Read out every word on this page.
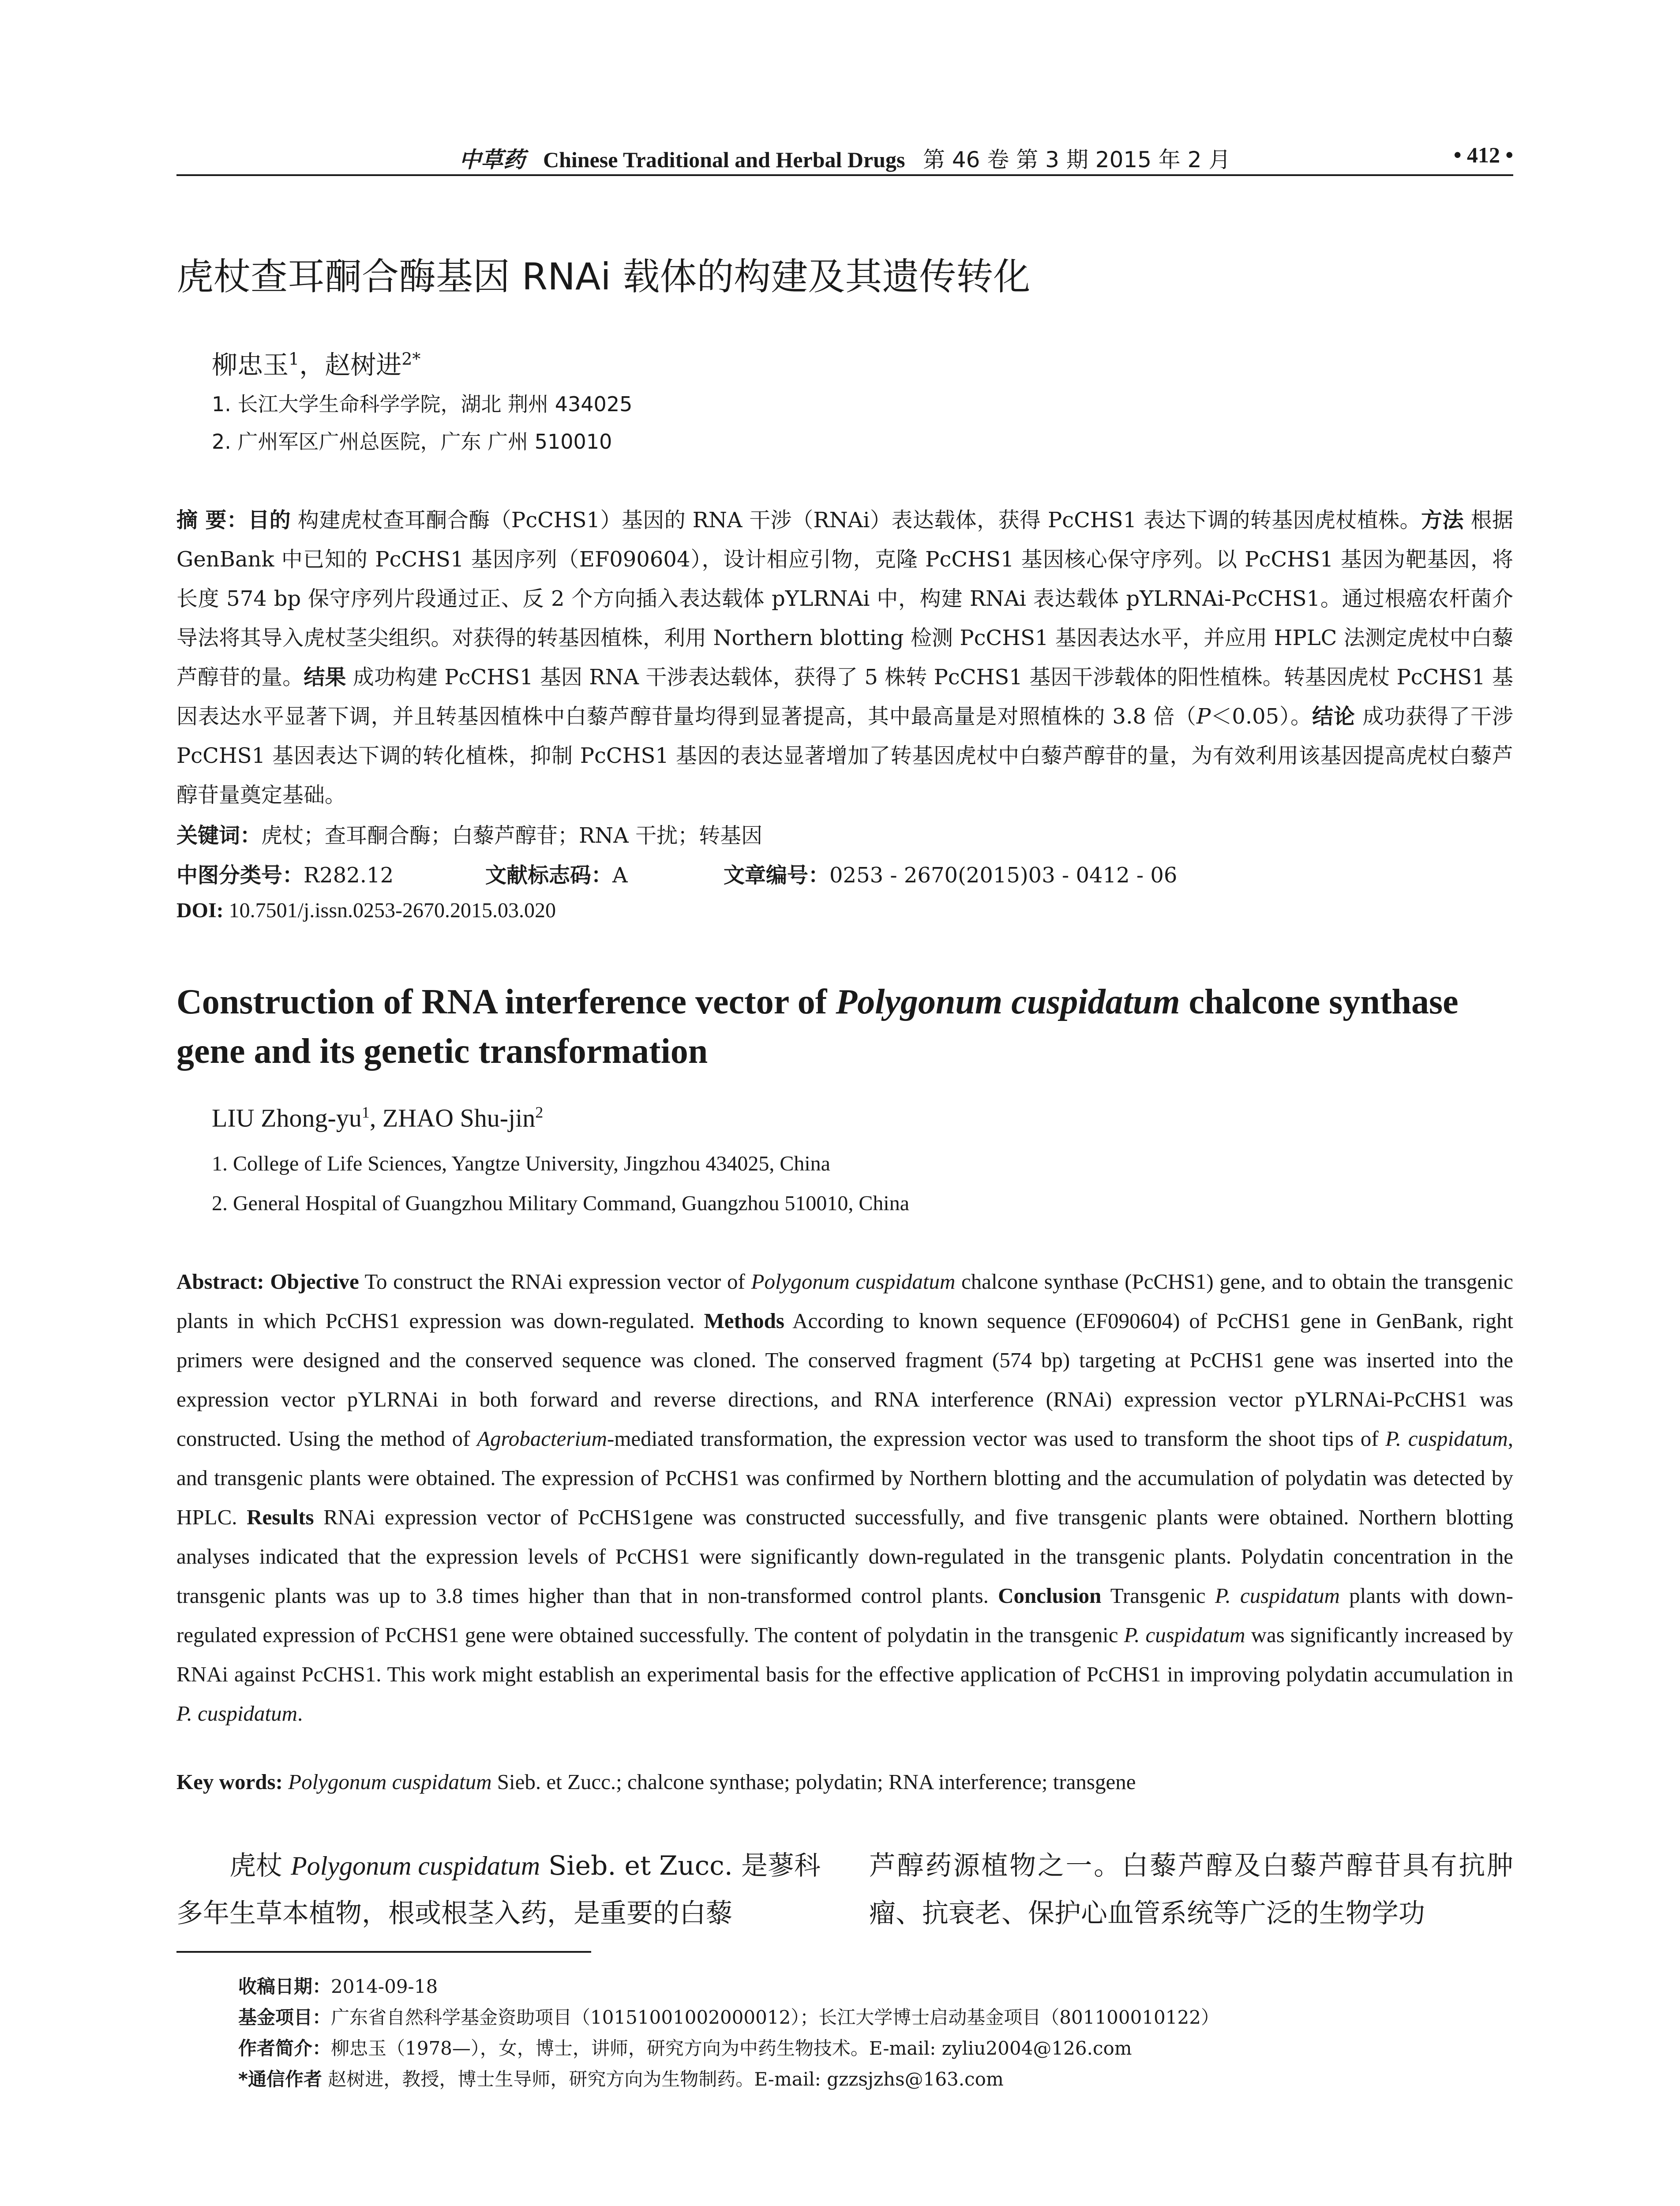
中草药 Chinese Traditional and Herbal Drugs 第 46 卷 第 3 期 2015 年 2 月	• 412 •
虎杖查耳酮合酶基因 RNAi 载体的构建及其遗传转化
柳忠玉$^1$，赵树进$^{2*}$
1. 长江大学生命科学学院，湖北 荆州 434025
2. 广州军区广州总医院，广东 广州 510010
摘 要：目的 构建虎杖查耳酮合酶（PcCHS1）基因的 RNA 干涉（RNAi）表达载体，获得 PcCHS1 表达下调的转基因虎杖植株。方法 根据 GenBank 中已知的 PcCHS1 基因序列（EF090604），设计相应引物，克隆 PcCHS1 基因核心保守序列。以 PcCHS1 基因为靶基因，将长度 574 bp 保守序列片段通过正、反 2 个方向插入表达载体 pYLRNAi 中，构建 RNAi 表达载体 pYLRNAi-PcCHS1。通过根癌农杆菌介导法将其导入虎杖茎尖组织。对获得的转基因植株，利用 Northern blotting 检测 PcCHS1 基因表达水平，并应用 HPLC 法测定虎杖中白藜芦醇苷的量。结果 成功构建 PcCHS1 基因 RNA 干涉表达载体，获得了 5 株转 PcCHS1 基因干涉载体的阳性植株。转基因虎杖 PcCHS1 基因表达水平显著下调，并且转基因植株中白藜芦醇苷量均得到显著提高，其中最高量是对照植株的 3.8 倍（P＜0.05）。结论 成功获得了干涉 PcCHS1 基因表达下调的转化植株，抑制 PcCHS1 基因的表达显著增加了转基因虎杖中白藜芦醇苷的量，为有效利用该基因提高虎杖白藜芦醇苷量奠定基础。
关键词：虎杖；查耳酮合酶；白藜芦醇苷；RNA 干扰；转基因
中图分类号：R282.12	文献标志码：A	文章编号：0253 - 2670(2015)03 - 0412 - 06
DOI: 10.7501/j.issn.0253-2670.2015.03.020
Construction of RNA interference vector of Polygonum cuspidatum chalcone synthase gene and its genetic transformation
LIU Zhong-$yu^1$, ZHAO Shu-jin$^2$
1. College of Life Sciences, Yangtze University, Jingzhou 434025, China
2. General Hospital of Guangzhou Military Command, Guangzhou 510010, China
Abstract: Objective To construct the RNAi expression vector of Polygonum cuspidatum chalcone synthase (PcCHS1) gene, and to obtain the transgenic plants in which PcCHS1 expression was down-regulated. Methods According to known sequence (EF090604) of PcCHS1 gene in GenBank, right primers were designed and the conserved sequence was cloned. The conserved fragment (574 bp) targeting at PcCHS1 gene was inserted into the expression vector pYLRNAi in both forward and reverse directions, and RNA interference (RNAi) expression vector pYLRNAi-PcCHS1 was constructed. Using the method of Agrobacterium-mediated transformation, the expression vector was used to transform the shoot tips of P. cuspidatum, and transgenic plants were obtained. The expression of PcCHS1 was confirmed by Northern blotting and the accumulation of polydatin was detected by HPLC. Results RNAi expression vector of PcCHS1gene was constructed successfully, and five transgenic plants were obtained. Northern blotting analyses indicated that the expression levels of PcCHS1 were significantly down-regulated in the transgenic plants. Polydatin concentration in the transgenic plants was up to 3.8 times higher than that in non-transformed control plants. Conclusion Transgenic P. cuspidatum plants with down-regulated expression of PcCHS1 gene were obtained successfully. The content of polydatin in the transgenic P. cuspidatum was significantly increased by RNAi against PcCHS1. This work might establish an experimental basis for the effective application of PcCHS1 in improving polydatin accumulation in P. cuspidatum.
Key words: Polygonum cuspidatum Sieb. et Zucc.; chalcone synthase; polydatin; RNA interference; transgene
虎杖 Polygonum cuspidatum Sieb. et Zucc. 是蓼科多年生草本植物，根或根茎入药，是重要的白藜
芦醇药源植物之一。白藜芦醇及白藜芦醇苷具有抗肿瘤、抗衰老、保护心血管系统等广泛的生物学功
收稿日期：2014-09-18
基金项目：广东省自然科学基金资助项目（10151001002000012）；长江大学博士启动基金项目（801100010122）
作者简介：柳忠玉（1978—），女，博士，讲师，研究方向为中药生物技术。E-mail: zyliu2004@126.com
*通信作者 赵树进，教授，博士生导师，研究方向为生物制药。E-mail: gzzsjzhs@163.com
